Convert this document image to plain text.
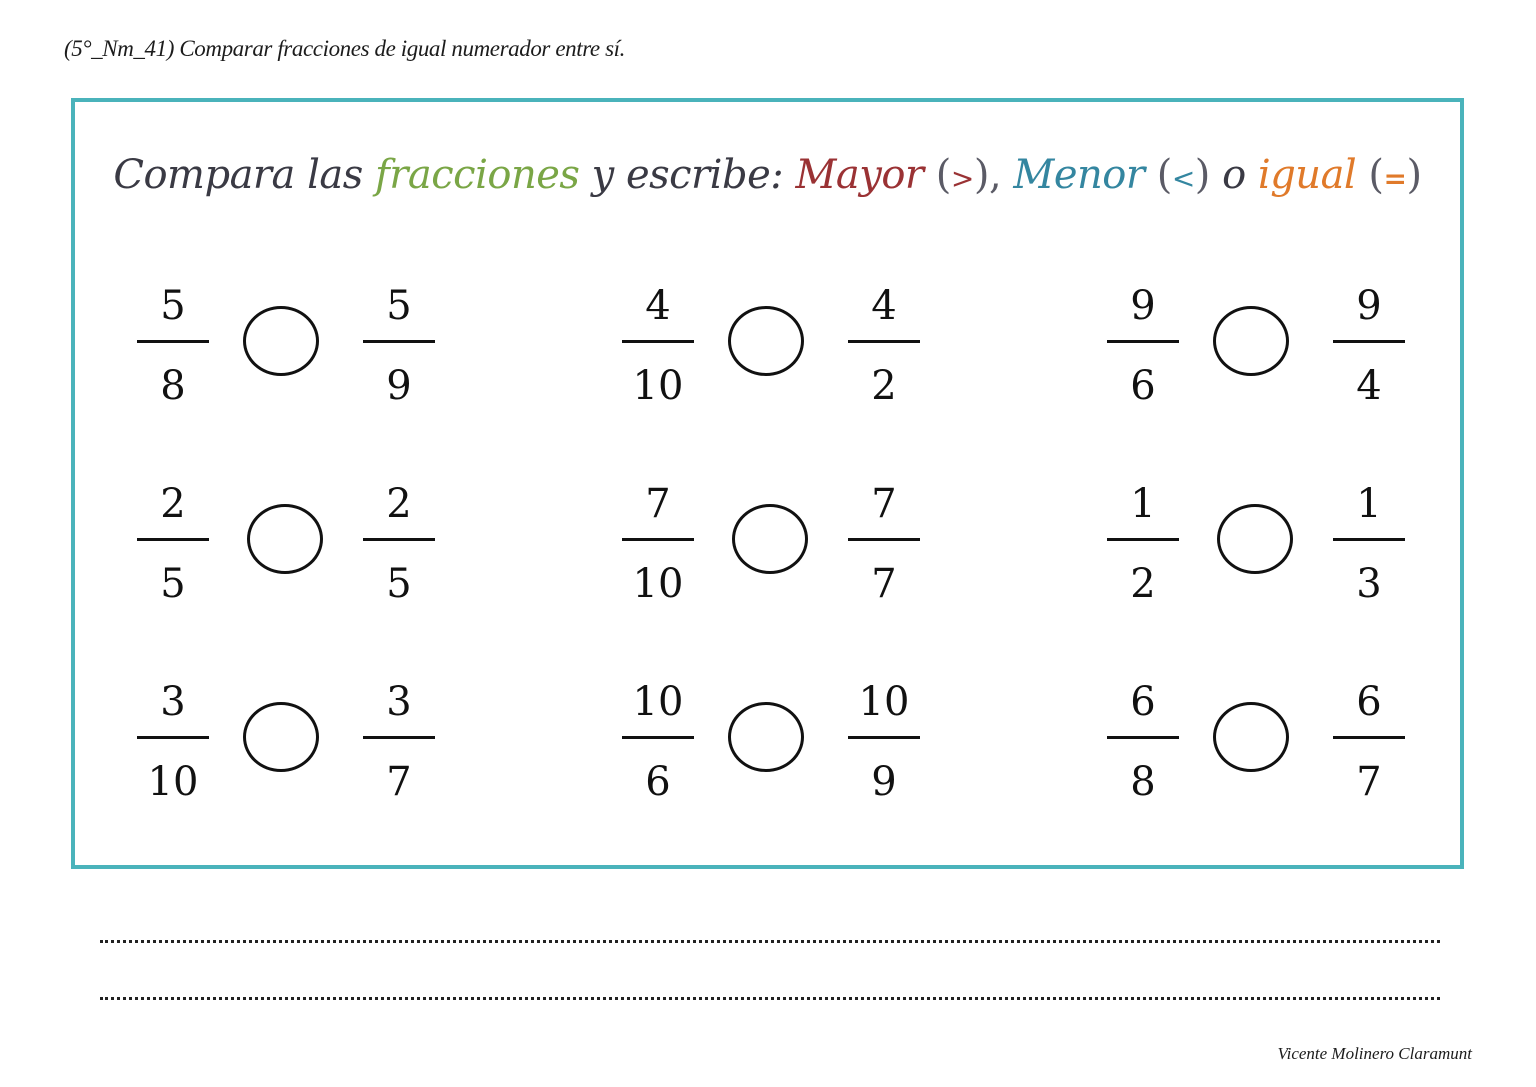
(5°_Nm_41) Comparar fracciones de igual numerador entre sí.
Compara las fracciones y escribe: Mayor (>), Menor (<) o igual (=)
5
8
5
9
4
10
4
2
9
6
9
4
2
5
2
5
7
10
7
7
1
2
1
3
3
10
3
7
10
6
10
9
6
8
6
7
Vicente Molinero Claramunt
